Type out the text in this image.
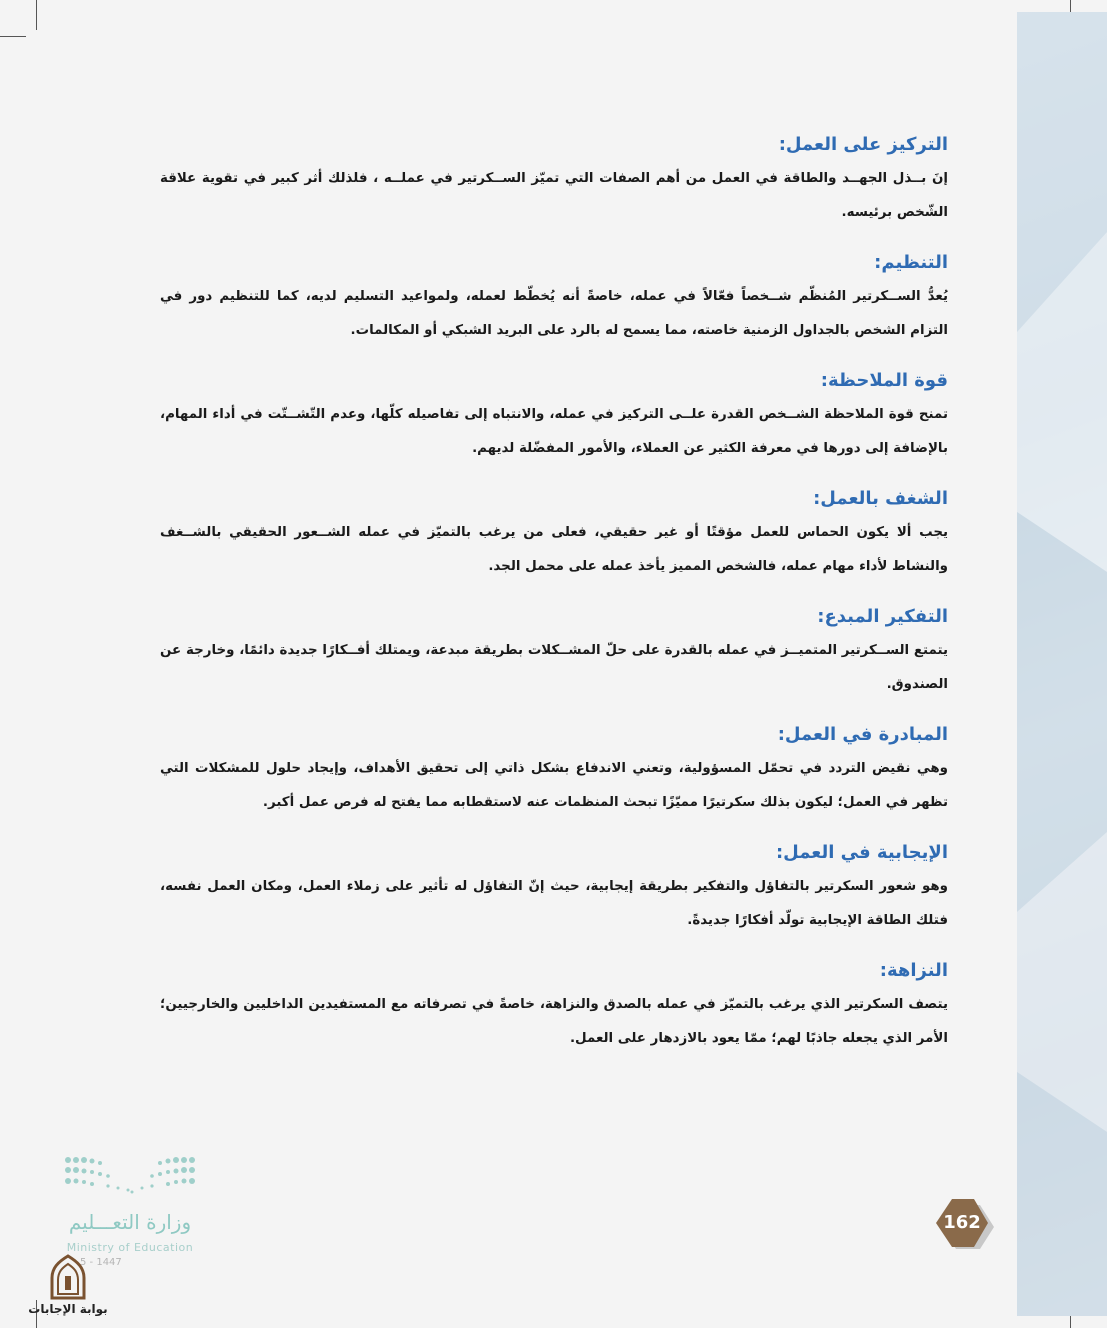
التركيز على العمل:

إنَ بــذل الجهــد والطاقة في العمل من أهم الصفات التي تميّز الســكرتير في عملــه ، فلذلك أثر كبير في تقوية علاقة الشّخص برئيسه.

التنظيم:

يُعدُّ الســكرتير المُنظّم شــخصاً فعّالاً في عمله، خاصةً أنه يُخطّط لعمله، ولمواعيد التسليم لديه، كما للتنظيم دور في التزام الشخص بالجداول الزمنية خاصته، مما يسمح له بالرد على البريد الشبكي أو المكالمات.

قوة الملاحظة:

تمنح قوة الملاحظة الشــخص القدرة علــى التركيز في عمله، والانتباه إلى تفاصيله كلّها، وعدم التّشــتّت في أداء المهام، بالإضافة إلى دورها في معرفة الكثير عن العملاء، والأمور المفضّلة لديهم.

الشغف بالعمل:

يجب ألا يكون الحماس للعمل مؤقتًا أو غير حقيقي، فعلى من يرغب بالتميّز في عمله الشــعور الحقيقي بالشــغف والنشاط لأداء مهام عمله، فالشخص المميز يأخذ عمله على محمل الجد.

التفكير المبدع:

يتمتع الســكرتير المتميــز في عمله بالقدرة على حلّ المشــكلات بطريقة مبدعة، ويمتلك أفــكارًا جديدة دائمًا، وخارجة عن الصندوق.

المبادرة في العمل:

وهي نقيض التردد في تحمّل المسؤولية، وتعني الاندفاع بشكل ذاتي إلى تحقيق الأهداف، وإيجاد حلول للمشكلات التي تظهر في العمل؛ ليكون بذلك سكرتيرًا مميّزًا تبحث المنظمات عنه لاستقطابه مما يفتح له فرص عمل أكبر.

الإيجابية في العمل:

وهو شعور السكرتير بالتفاؤل والتفكير بطريقة إيجابية، حيث إنّ التفاؤل له تأثير على زملاء العمل، ومكان العمل نفسه، فتلك الطاقة الإيجابية تولّد أفكارًا جديدةً.

النزاهة:

يتصف السكرتير الذي يرغب بالتميّز في عمله بالصدق والنزاهة، خاصةً في تصرفاته مع المستفيدين الداخليين والخارجيين؛ الأمر الذي يجعله جاذبًا لهم؛ ممّا يعود بالازدهار على العمل.

162
وزارة التعـــليم
Ministry of Education
5 - 1447
بوابة الإجابات
